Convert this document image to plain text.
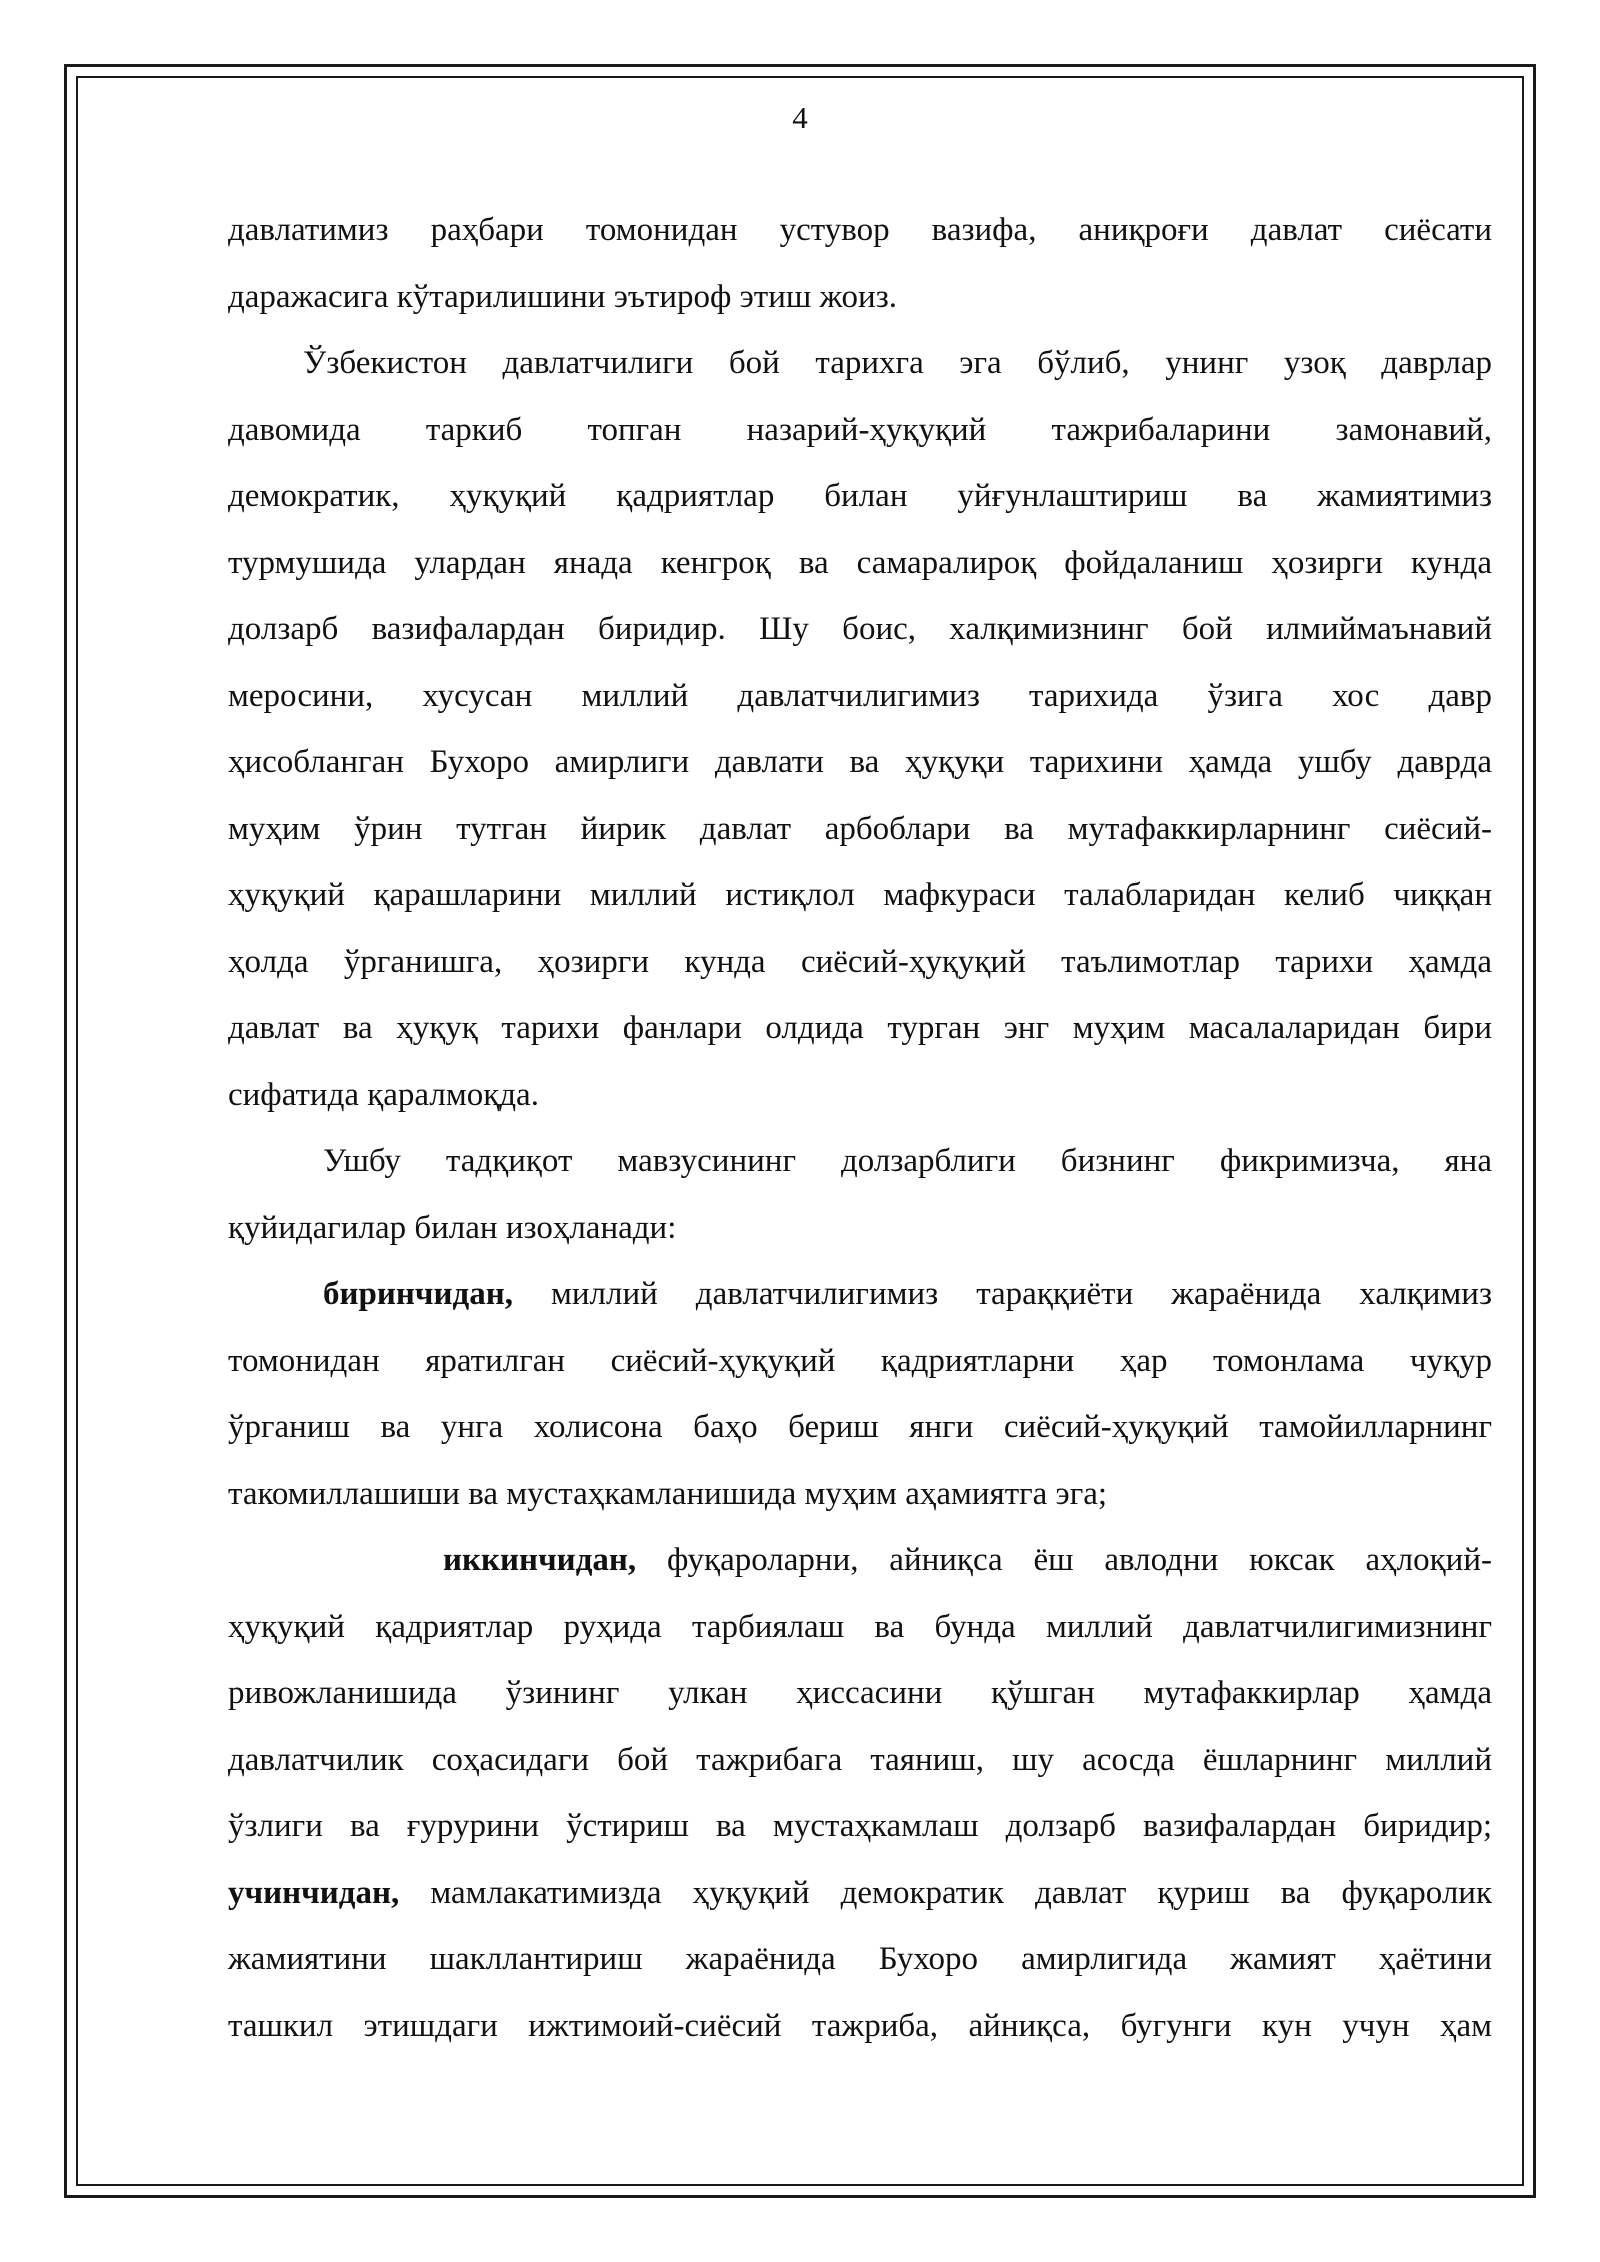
4
давлатимиз раҳбари томонидан устувор вазифа, аниқроғи давлат сиёсати
даражасига кўтарилишини эътироф этиш жоиз.
Ўзбекистон давлатчилиги бой тарихга эга бўлиб, унинг узоқ даврлар
давомида таркиб топган назарий-ҳуқуқий тажрибаларини замонавий,
демократик, ҳуқуқий қадриятлар билан уйғунлаштириш ва жамиятимиз
турмушида улардан янада кенгроқ ва самаралироқ фойдаланиш ҳозирги кунда
долзарб вазифалардан биридир. Шу боис, халқимизнинг бой илмиймаънавий
меросини, хусусан миллий давлатчилигимиз тарихида ўзига хос давр
ҳисобланган Бухоро амирлиги давлати ва ҳуқуқи тарихини ҳамда ушбу даврда
муҳим ўрин тутган йирик давлат арбоблари ва мутафаккирларнинг сиёсий-
ҳуқуқий қарашларини миллий истиқлол мафкураси талабларидан келиб чиққан
ҳолда ўрганишга, ҳозирги кунда сиёсий-ҳуқуқий таълимотлар тарихи ҳамда
давлат ва ҳуқуқ тарихи фанлари олдида турган энг муҳим масалаларидан бири
сифатида қаралмоқда.
Ушбу тадқиқот мавзусининг долзарблиги бизнинг фикримизча, яна
қуйидагилар билан изоҳланади:
биринчидан, миллий давлатчилигимиз тараққиёти жараёнида халқимиз
томонидан яратилган сиёсий-ҳуқуқий қадриятларни ҳар томонлама чуқур
ўрганиш ва унга холисона баҳо бериш янги сиёсий-ҳуқуқий тамойилларнинг
такомиллашиши ва мустаҳкамланишида муҳим аҳамиятга эга;
иккинчидан, фуқароларни, айниқса ёш авлодни юксак аҳлоқий-
ҳуқуқий қадриятлар руҳида тарбиялаш ва бунда миллий давлатчилигимизнинг
ривожланишида ўзининг улкан ҳиссасини қўшган мутафаккирлар ҳамда
давлатчилик соҳасидаги бой тажрибага таяниш, шу асосда ёшларнинг миллий
ўзлиги ва ғурурини ўстириш ва мустаҳкамлаш долзарб вазифалардан биридир;
учинчидан, мамлакатимизда ҳуқуқий демократик давлат қуриш ва фуқаролик
жамиятини шакллантириш жараёнида Бухоро амирлигида жамият ҳаётини
ташкил этишдаги ижтимоий-сиёсий тажриба, айниқса, бугунги кун учун ҳам
